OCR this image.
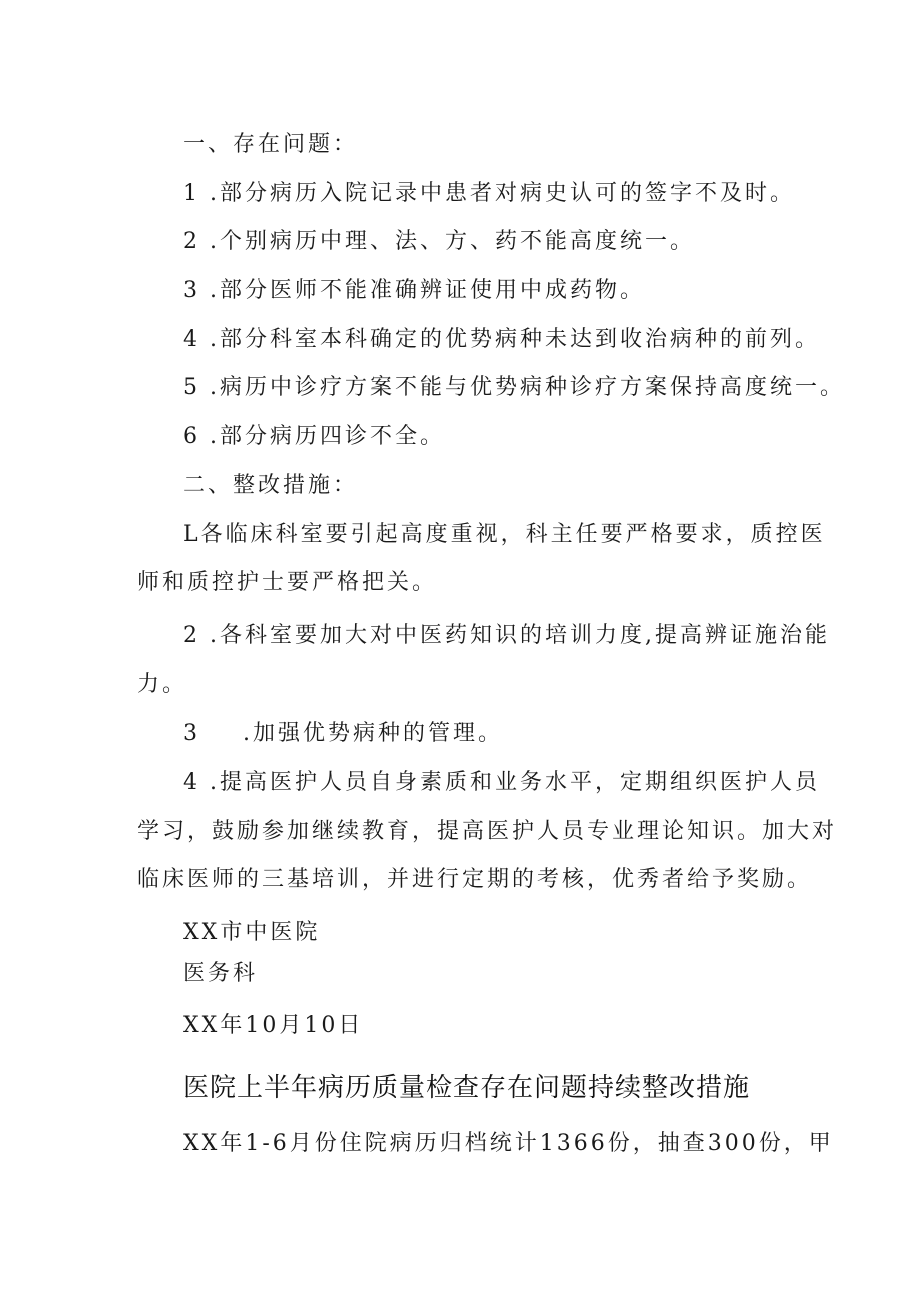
一、存在问题：
1 .部分病历入院记录中患者对病史认可的签字不及时。
2 .个别病历中理、法、方、药不能高度统一。
3 .部分医师不能准确辨证使用中成药物。
4 .部分科室本科确定的优势病种未达到收治病种的前列。
5 .病历中诊疗方案不能与优势病种诊疗方案保持高度统一。
6 .部分病历四诊不全。
二、整改措施：
L各临床科室要引起高度重视，科主任要严格要求，质控医
师和质控护士要严格把关。
2 .各科室要加大对中医药知识的培训力度,提高辨证施治能
力。
3 .加强优势病种的管理。
4 .提高医护人员自身素质和业务水平，定期组织医护人员
学习，鼓励参加继续教育，提高医护人员专业理论知识。加大对
临床医师的三基培训，并进行定期的考核，优秀者给予奖励。
XX市中医院
医务科
XX年10月10日
医院上半年病历质量检查存在问题持续整改措施
XX年1-6月份住院病历归档统计1366份，抽查300份，甲
